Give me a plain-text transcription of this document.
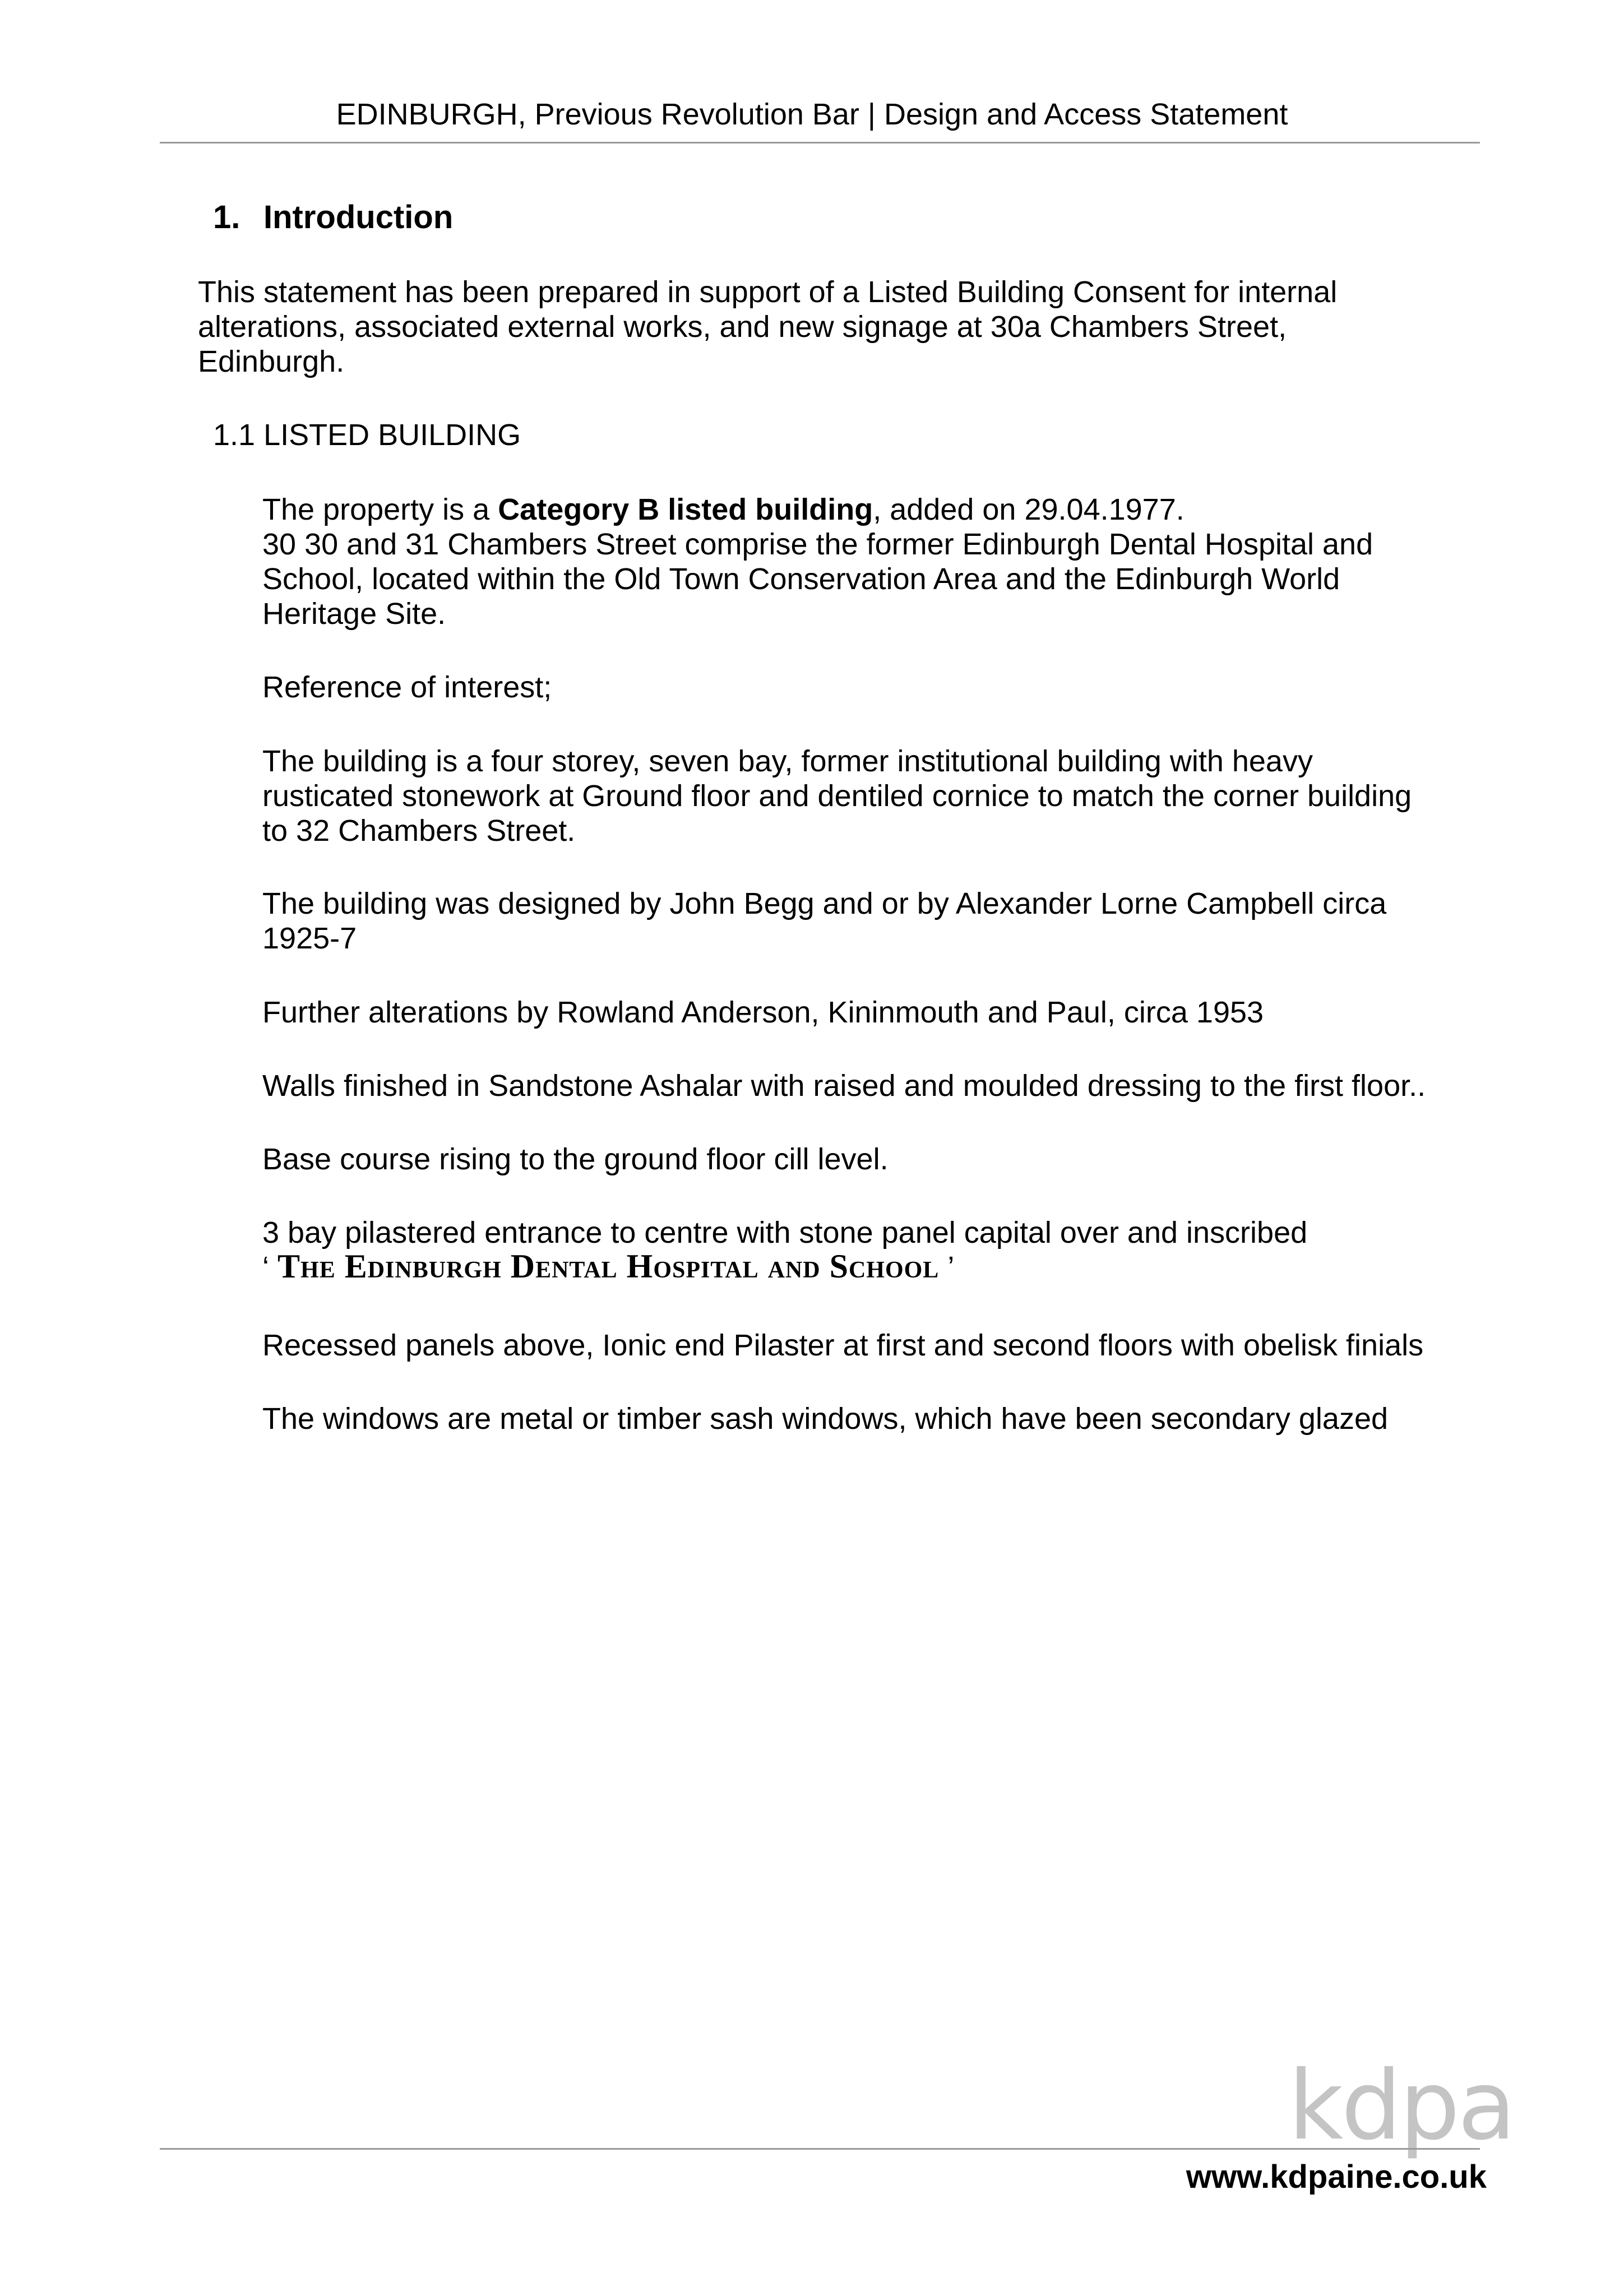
EDINBURGH, Previous Revolution Bar | Design and Access Statement
1. Introduction

This statement has been prepared in support of a Listed Building Consent for internal

alterations, associated external works, and new signage at 30a Chambers Street,

Edinburgh.

1.1 LISTED BUILDING

The property is a Category B listed building, added on 29.04.1977.

30 30 and 31 Chambers Street comprise the former Edinburgh Dental Hospital and

School, located within the Old Town Conservation Area and the Edinburgh World

Heritage Site.

Reference of interest;

The building is a four storey, seven bay, former institutional building with heavy

rusticated stonework at Ground floor and dentiled cornice to match the corner building

to 32 Chambers Street.

The building was designed by John Begg and or by Alexander Lorne Campbell circa

1925-7

Further alterations by Rowland Anderson, Kininmouth and Paul, circa 1953

Walls finished in Sandstone Ashalar with raised and moulded dressing to the first floor..

Base course rising to the ground floor cill level.

3 bay pilastered entrance to centre with stone panel capital over and inscribed

‘ The Edinburgh Dental Hospital and School ’

Recessed panels above, Ionic end Pilaster at first and second floors with obelisk finials

The windows are metal or timber sash windows, which have been secondary glazed

kdpa
www.kdpaine.co.uk
